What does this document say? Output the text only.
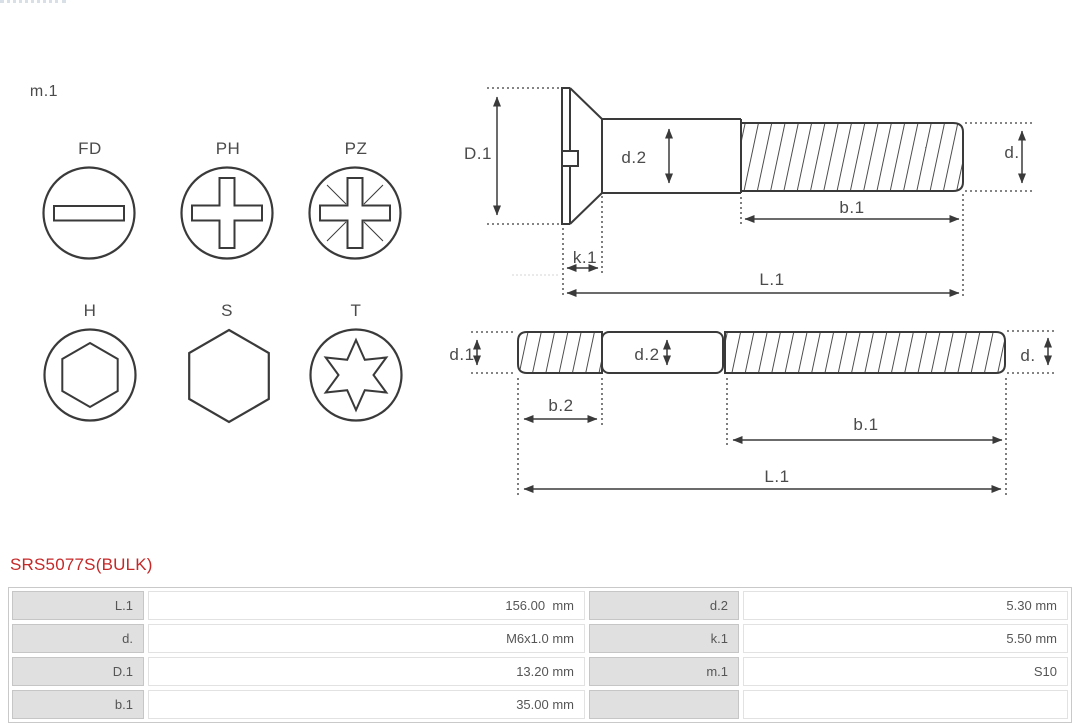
m.1
FD	PH	PZ
H	S	T
D.1	d.2	d.
b.1
k.1
L.1
d.1	d.2	d.
b.2
b.1
L.1
SRS5077S(BULK)
L.1	156.00  mm	d.2	5.30 mm
d.	M6x1.0 mm	k.1	5.50 mm
D.1	13.20 mm	m.1	S10
b.1	35.00 mm
